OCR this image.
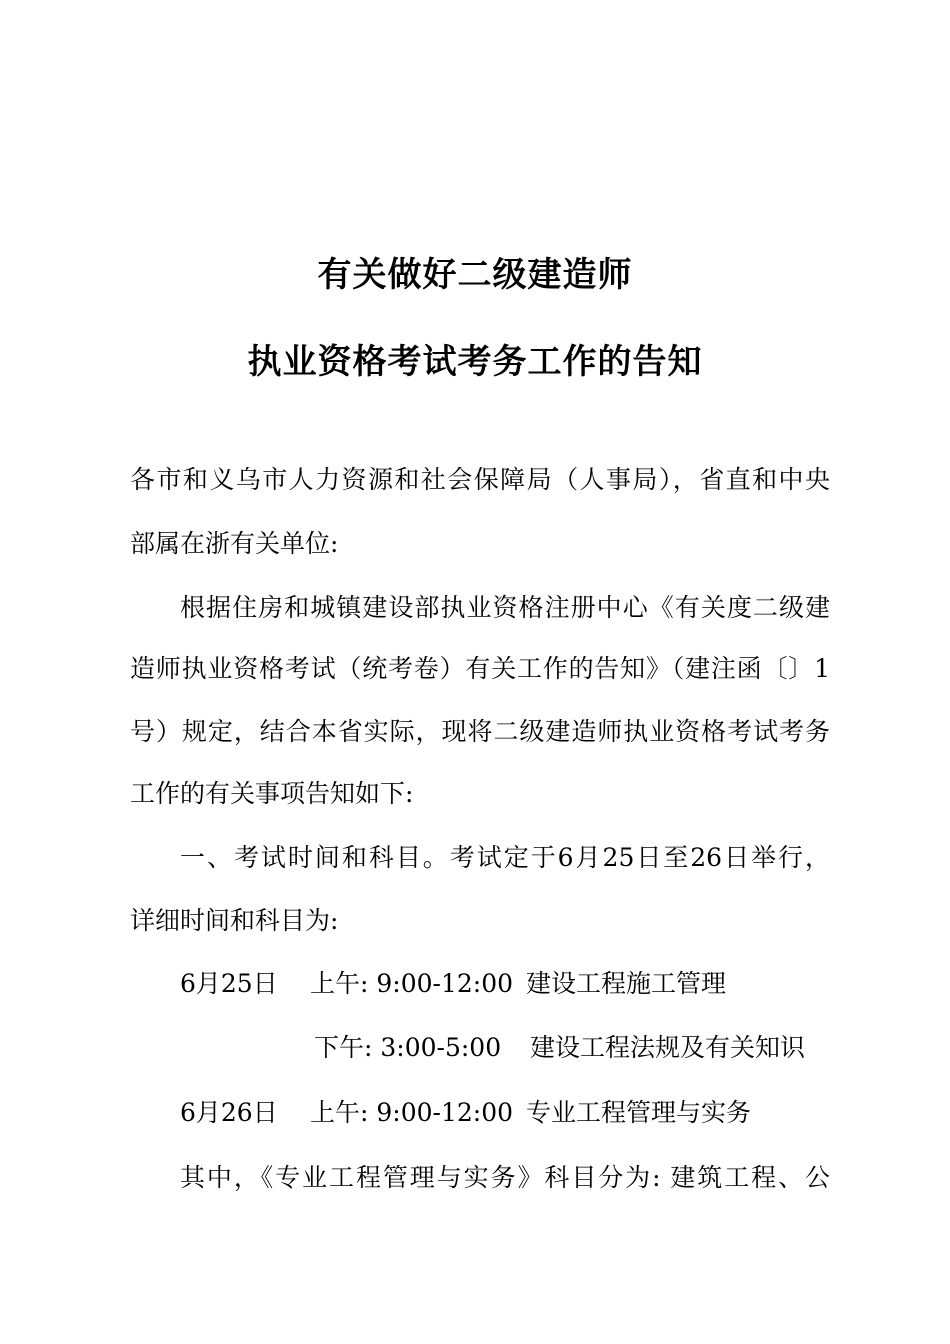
有关做好二级建造师
执业资格考试考务工作的告知
各市和义乌市人力资源和社会保障局（人事局），省直和中央
部属在浙有关单位:
根据住房和城镇建设部执业资格注册中心《有关度二级建
造师执业资格考试（统考卷）有关工作的告知》（建注函〔〕1
号）规定，结合本省实际，现将二级建造师执业资格考试考务
工作的有关事项告知如下:
一、考试时间和科目。考试定于6月25日至26日举行，
详细时间和科目为:
6月25日 上午: 9:00-12:00 建设工程施工管理
下午: 3:00-5:00 建设工程法规及有关知识
6月26日 上午: 9:00-12:00 专业工程管理与实务
其中，《专业工程管理与实务》科目分为: 建筑工程、公
